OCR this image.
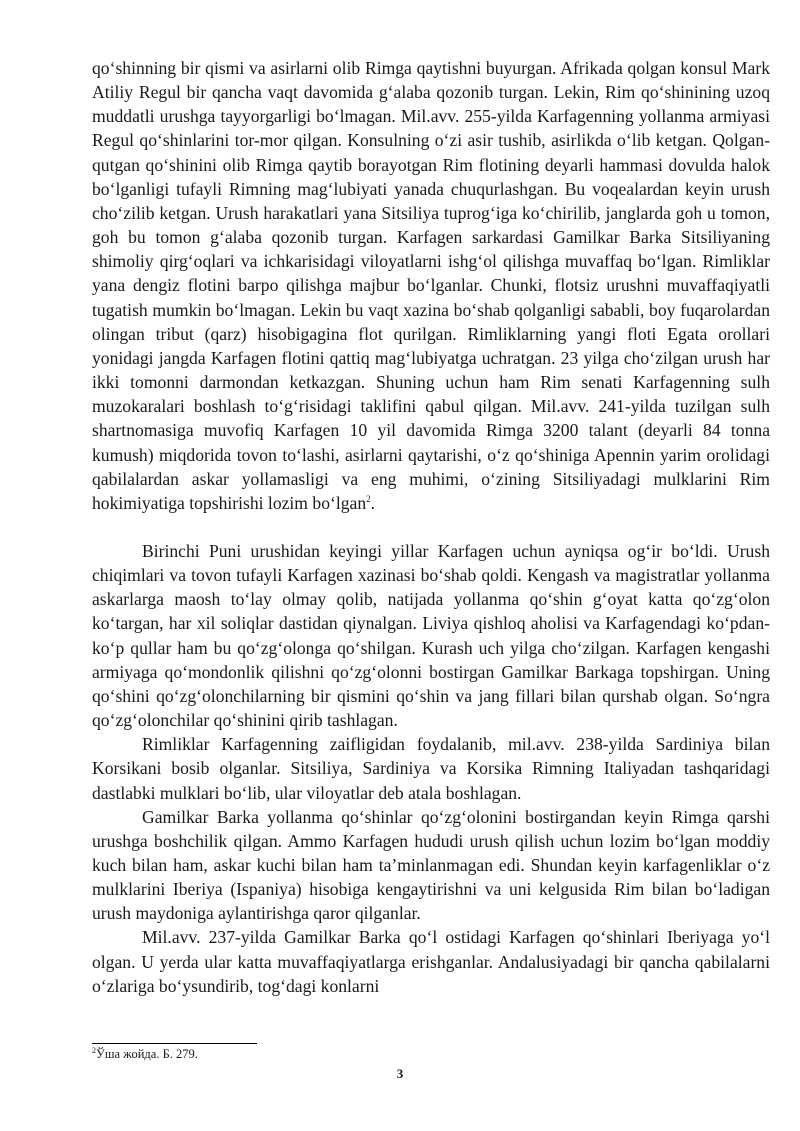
qo‘shinning bir qismi va asirlarni olib Rimga qaytishni buyurgan. Afrikada qolgan konsul Mark Atiliy Regul bir qancha vaqt davomida g‘alaba qozonib turgan. Lekin, Rim qo‘shinining uzoq muddatli urushga tayyorgarligi bo‘lmagan. Mil.avv. 255-yilda Karfagenning yollanma armiyasi Regul qo‘shinlarini tor-mor qilgan. Konsulning o‘zi asir tushib, asirlikda o‘lib ketgan. Qolgan-qutgan qo‘shinini olib Rimga qaytib borayotgan Rim flotining deyarli hammasi dovulda halok bo‘lganligi tufayli Rimning mag‘lubiyati yanada chuqurlashgan. Bu voqealardan keyin urush cho‘zilib ketgan. Urush harakatlari yana Sitsiliya tuprog‘iga ko‘chirilib, janglarda goh u tomon, goh bu tomon g‘alaba qozonib turgan. Karfagen sarkardasi Gamilkar Barka Sitsiliyaning shimoliy qirg‘oqlari va ichkarisidagi viloyatlarni ishg‘ol qilishga muvaffaq bo‘lgan. Rimliklar yana dengiz flotini barpo qilishga majbur bo‘lganlar. Chunki, flotsiz urushni muvaffaqiyatli tugatish mumkin bo‘lmagan. Lekin bu vaqt xazina bo‘shab qolganligi sababli, boy fuqarolardan olingan tribut (qarz) hisobigagina flot qurilgan. Rimliklarning yangi floti Egata orollari yonidagi jangda Karfagen flotini qattiq mag‘lubiyatga uchratgan. 23 yilga cho‘zilgan urush har ikki tomonni darmondan ketkazgan. Shuning uchun ham Rim senati Karfagenning sulh muzokaralari boshlash to‘g‘risidagi taklifini qabul qilgan. Mil.avv. 241-yilda tuzilgan sulh shartnomasiga muvofiq Karfagen 10 yil davomida Rimga 3200 talant (deyarli 84 tonna kumush) miqdorida tovon to‘lashi, asirlarni qaytarishi, o‘z qo‘shiniga Apennin yarim orolidagi qabilalardan askar yollamasligi va eng muhimi, o‘zining Sitsiliyadagi mulklarini Rim hokimiyatiga topshirishi lozim bo‘lgan$^2$.

Birinchi Puni urushidan keyingi yillar Karfagen uchun ayniqsa og‘ir bo‘ldi. Urush chiqimlari va tovon tufayli Karfagen xazinasi bo‘shab qoldi. Kengash va magistratlar yollanma askarlarga maosh to‘lay olmay qolib, natijada yollanma qo‘shin g‘oyat katta qo‘zg‘olon ko‘targan, har xil soliqlar dastidan qiynalgan. Liviya qishloq aholisi va Karfagendagi ko‘pdan-ko‘p qullar ham bu qo‘zg‘olonga qo‘shilgan. Kurash uch yilga cho‘zilgan. Karfagen kengashi armiyaga qo‘mondonlik qilishni qo‘zg‘olonni bostirgan Gamilkar Barkaga topshirgan. Uning qo‘shini qo‘zg‘olonchilarning bir qismini qo‘shin va jang fillari bilan qurshab olgan. So‘ngra qo‘zg‘olonchilar qo‘shinini qirib tashlagan.

Rimliklar Karfagenning zaifligidan foydalanib, mil.avv. 238-yilda Sardiniya bilan Korsikani bosib olganlar. Sitsiliya, Sardiniya va Korsika Rimning Italiyadan tashqaridagi dastlabki mulklari bo‘lib, ular viloyatlar deb atala boshlagan.

Gamilkar Barka yollanma qo‘shinlar qo‘zg‘olonini bostirgandan keyin Rimga qarshi urushga boshchilik qilgan. Ammo Karfagen hududi urush qilish uchun lozim bo‘lgan moddiy kuch bilan ham, askar kuchi bilan ham ta’minlanmagan edi. Shundan keyin karfagenliklar o‘z mulklarini Iberiya (Ispaniya) hisobiga kengaytirishni va uni kelgusida Rim bilan bo‘ladigan urush maydoniga aylantirishga qaror qilganlar.

Mil.avv. 237-yilda Gamilkar Barka qo‘l ostidagi Karfagen qo‘shinlari Iberiyaga yo‘l olgan. U yerda ular katta muvaffaqiyatlarga erishganlar. Andalusiyadagi bir qancha qabilalarni o‘zlariga bo‘ysundirib, tog‘dagi konlarni

$^2$Ўша жойда. Б. 279.
3
